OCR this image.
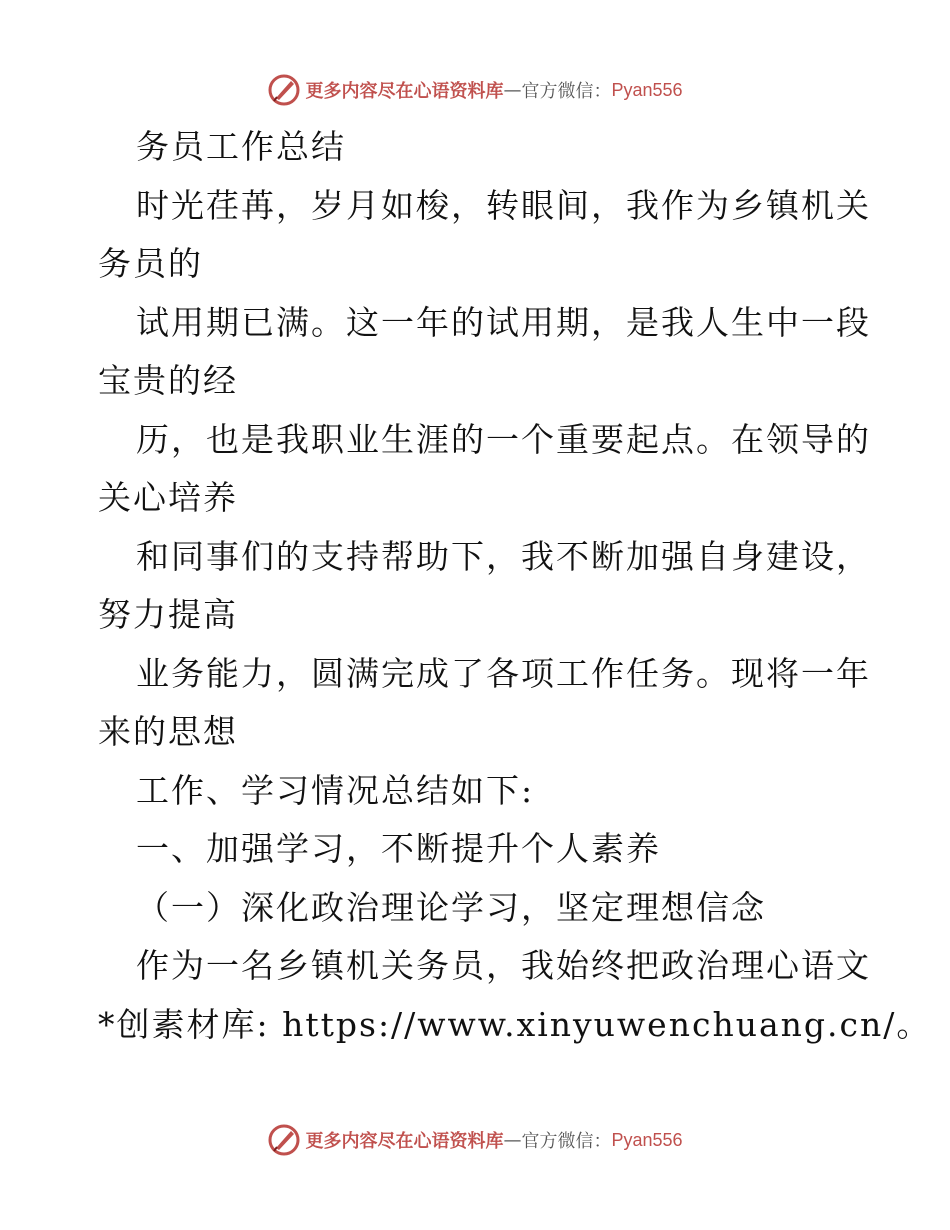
更多内容尽在心语资料库 — 官方微信： Pyan556
务员工作总结
时光荏苒，岁月如梭，转眼间，我作为乡镇机关
务员的
试用期已满。这一年的试用期，是我人生中一段
宝贵的经
历，也是我职业生涯的一个重要起点。在领导的
关心培养
和同事们的支持帮助下，我不断加强自身建设，
努力提高
业务能力，圆满完成了各项工作任务。现将一年
来的思想
工作、学习情况总结如下:
一、加强学习，不断提升个人素养
（一）深化政治理论学习，坚定理想信念
作为一名乡镇机关务员，我始终把政治理心语文
*创素材库: https://www.xinyuwenchuang.cn/。
更多内容尽在心语资料库 — 官方微信： Pyan556
